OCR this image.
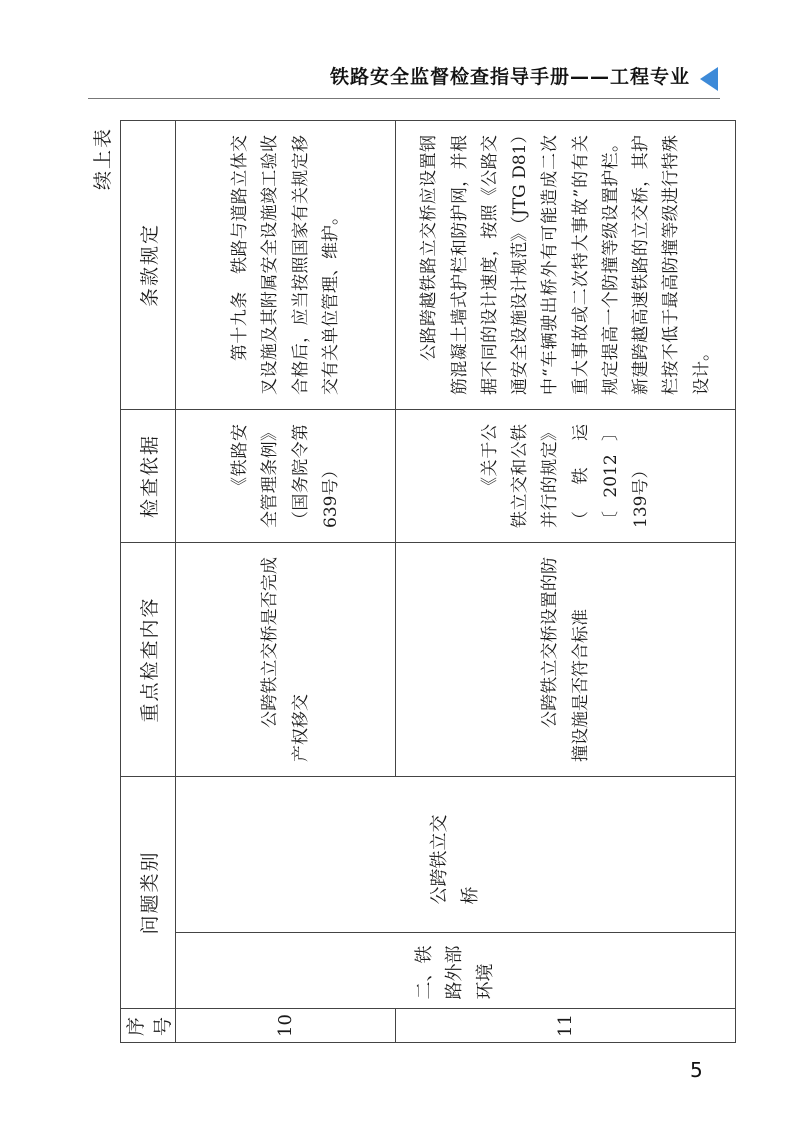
铁路安全监督检查指导手册——工程专业
续上表
序号	问题类别		重点检查内容	检查依据	条款规定
10	二、铁路外部环境	公跨铁立交桥	公跨铁立交桥是否完成产权移交	《铁路安全管理条例》（国务院令第639号）	第十九条　铁路与道路立体交叉设施及其附属安全设施竣工验收合格后，应当按照国家有关规定移交有关单位管理、维护。
11			公跨铁立交桥设置的防撞设施是否符合标准	《关于公铁立交和公铁并行的规定》（铁运〔2012〕139号）	公路跨越铁路立交桥应设置钢筋混凝土墙式护栏和防护网，并根据不同的设计速度，按照《公路交通安全设施设计规范》（JTG D81）中“车辆驶出桥外有可能造成二次重大事故或二次特大事故”的有关规定提高一个防撞等级设置护栏。新建跨越高速铁路的立交桥，其护栏按不低于最高防撞等级进行特殊设计。
5
